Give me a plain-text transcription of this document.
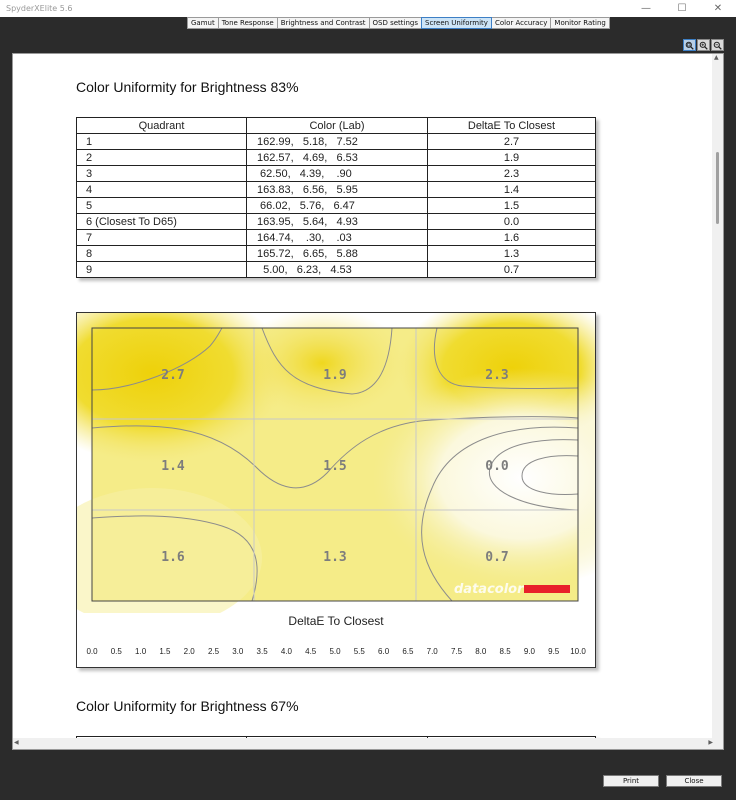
SpyderXElite 5.6	—	☐	✕
Gamut	Tone Response	Brightness and Contrast	OSD settings	Screen Uniformity	Color Accuracy	Monitor Rating
Color Uniformity for Brightness 83%
Quadrant	Color (Lab)	DeltaE To Closest
1	162.99,   5.18,   7.52	2.7
2	162.57,   4.69,   6.53	1.9
3	62.50,   4.39,    .90	2.3
4	163.83,   6.56,   5.95	1.4
5	66.02,   5.76,   6.47	1.5
6 (Closest To D65)	163.95,   5.64,   4.93	0.0
7	164.74,    .30,    .03	1.6
8	165.72,   6.65,   5.88	1.3
9	5.00,   6.23,   4.53	0.7
2.7	1.9	2.3
1.4	1.5	0.0
1.6	1.3	0.7
datacolor
DeltaE To Closest
0.0 0.5 1.0 1.5 2.0 2.5 3.0 3.5 4.0 4.5 5.0 5.5 6.0 6.5 7.0 7.5 8.0 8.5 9.0 9.5 10.0
Color Uniformity for Brightness 67%

▲
◀	▶
Print	Close
